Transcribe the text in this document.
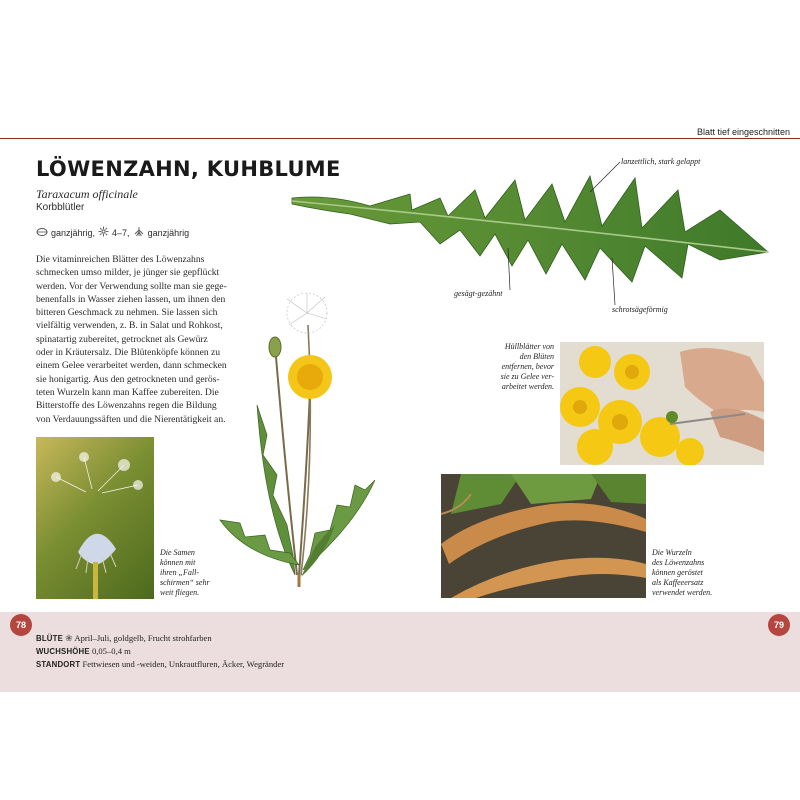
Blatt tief eingeschnitten
LÖWENZAHN, KUHBLUME
Taraxacum officinale
Korbblütler
ganzjährig, 4–7, ganzjährig
Die vitaminreichen Blätter des Löwenzahns
schmecken umso milder, je jünger sie gepflückt
werden. Vor der Verwendung sollte man sie gege-
benenfalls in Wasser ziehen lassen, um ihnen den
bitteren Geschmack zu nehmen. Sie lassen sich
vielfältig verwenden, z. B. in Salat und Rohkost,
spinatartig zubereitet, getrocknet als Gewürz
oder in Kräutersalz. Die Blütenköpfe können zu
einem Gelee verarbeitet werden, dann schmecken
sie honigartig. Aus den getrockneten und gerös-
teten Wurzeln kann man Kaffee zubereiten. Die
Bitterstoffe des Löwenzahns regen die Bildung
von Verdauungssäften und die Nierentätigkeit an.
lanzettlich, stark gelappt
gesägt-gezähnt
schrotsägeförmig
Die Samen
können mit
ihren „Fall-
schirmen“ sehr
weit fliegen.
Hüllblätter von
den Blüten
entfernen, bevor
sie zu Gelee ver-
arbeitet werden.
Die Wurzeln
des Löwenzahns
können geröstet
als Kaffeeersatz
verwendet werden.
78	79
BLÜTE ❀ April–Juli, goldgelb, Frucht strohfarben
WUCHSHÖHE 0,05–0,4 m
STANDORT Fettwiesen und -weiden, Unkrautfluren, Äcker, Wegränder
